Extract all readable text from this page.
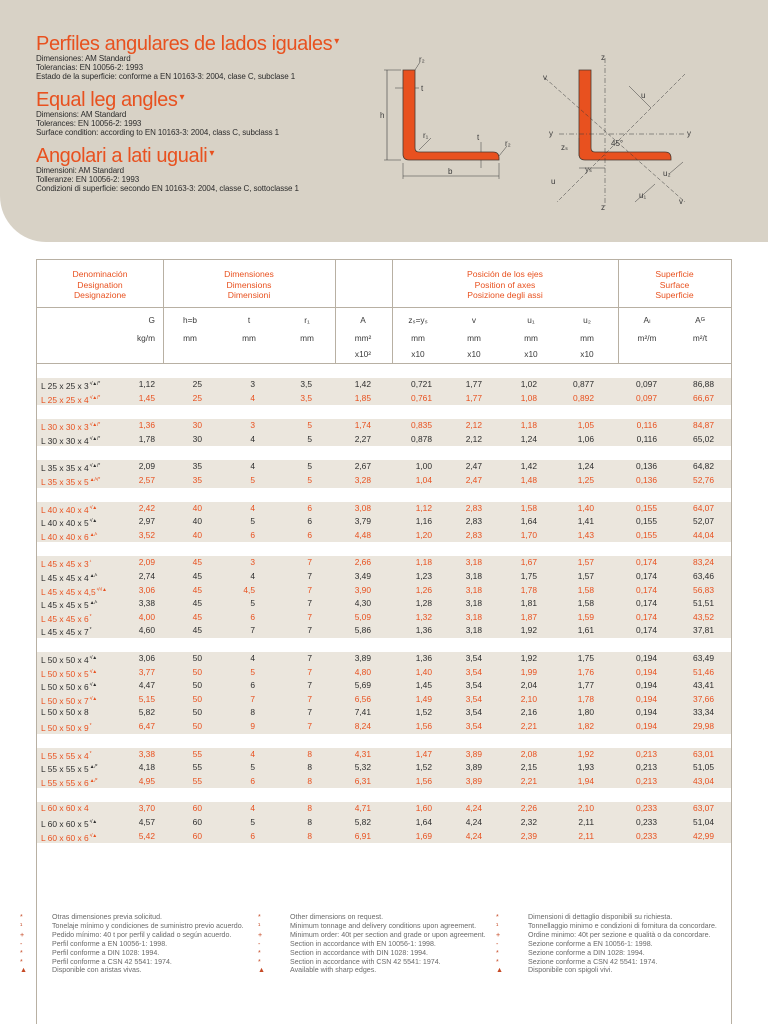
Perfiles angulares de lados iguales ▾
Dimensiones: AM Standard
Tolerancias: EN 10056-2: 1993
Estado de la superficie: conforme a EN 10163-3: 2004, clase C, subclase 1
Equal leg angles ▾
Dimensions: AM Standard
Tolerances: EN 10056-2: 1993
Surface condition: according to EN 10163-3: 2004, class C, subclass 1
Angolari a lati uguali ▾
Dimensioni: AM Standard
Tolleranze: EN 10056-2: 1993
Condizioni di superficie: secondo EN 10163-3: 2004, classe C, sottoclasse 1
r₂
t
h
r₁	t
r₂
b
v
u
z
y
zₛ
yₛ
45°
y
u
z
v
u₁
u₂
Denominación
Designation
Designazione
Dimensiones
Dimensions
Dimensioni
Posición de los ejes
Position of axes
Posizione degli assi
Superficie
Surface
Superficie
G	h=b	t	r₁	A	zₛ=yₛ	v	u₁	u₂	Aₗ	Aᴳ
kg/m	mm	mm	mm	mm²	mm	mm	mm	mm	m²/m	m²/t
x10²	x10	x10	x10	x10
L 25 x 25 x $3^{^1/▲/*}$	1,12	25	3	3,5	1,42	0,721	1,77	1,02	0,877	0,097	86,88
L 25 x 25 x $4^{^1/▲/*}$	1,45	25	4	3,5	1,85	0,761	1,77	1,08	0,892	0,097	66,67
L 30 x 30 x $3^{^1/▲/*}$	1,36	30	3	5	1,74	0,835	2,12	1,18	1,05	0,116	84,87
L 30 x 30 x $4^{^1/▲/*}$	1,78	30	4	5	2,27	0,878	2,12	1,24	1,06	0,116	65,02
L 35 x 35 x $4^{^1/▲/*}$	2,09	35	4	5	2,67	1,00	2,47	1,42	1,24	0,136	64,82
L 35 x 35 x $5^{▲/^1/*}$	2,57	35	5	5	3,28	1,04	2,47	1,48	1,25	0,136	52,76
L 40 x 40 x $4^{^1/▲}$	2,42	40	4	6	3,08	1,12	2,83	1,58	1,40	0,155	64,07
L 40 x 40 x $5^{^1/▲}$	2,97	40	5	6	3,79	1,16	2,83	1,64	1,41	0,155	52,07
L 40 x 40 x $6^{▲/^1}$	3,52	40	6	6	4,48	1,20	2,83	1,70	1,43	0,155	44,04
L 45 x 45 x $3^{^1}$	2,09	45	3	7	2,66	1,18	3,18	1,67	1,57	0,174	83,24
L 45 x 45 x $4^{▲/^1}$	2,74	45	4	7	3,49	1,23	3,18	1,75	1,57	0,174	63,46
L 45 x 45 x $4,5^{^1/^1/▲}$	3,06	45	4,5	7	3,90	1,26	3,18	1,78	1,58	0,174	56,83
L 45 x 45 x $5^{▲/^1}$	3,38	45	5	7	4,30	1,28	3,18	1,81	1,58	0,174	51,51
L 45 x 45 x 6*	4,00	45	6	7	5,09	1,32	3,18	1,87	1,59	0,174	43,52
L 45 x 45 x 7*	4,60	45	7	7	5,86	1,36	3,18	1,92	1,61	0,174	37,81
L 50 x 50 x $4^{^1/▲}$	3,06	50	4	7	3,89	1,36	3,54	1,92	1,75	0,194	63,49
L 50 x 50 x $5^{^1/▲}$	3,77	50	5	7	4,80	1,40	3,54	1,99	1,76	0,194	51,46
L 50 x 50 x $6^{^1/▲}$	4,47	50	6	7	5,69	1,45	3,54	2,04	1,77	0,194	43,41
L 50 x 50 x $7^{^1/▲}$	5,15	50	7	7	6,56	1,49	3,54	2,10	1,78	0,194	37,66
L 50 x 50 x 8	5,82	50	8	7	7,41	1,52	3,54	2,16	1,80	0,194	33,34
L 50 x 50 x 9*	6,47	50	9	7	8,24	1,56	3,54	2,21	1,82	0,194	29,98
L 55 x 55 x 4*	3,38	55	4	8	4,31	1,47	3,89	2,08	1,92	0,213	63,01
L 55 x 55 x 5▲/*	4,18	55	5	8	5,32	1,52	3,89	2,15	1,93	0,213	51,05
L 55 x 55 x 6▲/*	4,95	55	6	8	6,31	1,56	3,89	2,21	1,94	0,213	43,04
L 60 x 60 x 4	3,70	60	4	8	4,71	1,60	4,24	2,26	2,10	0,233	63,07
L 60 x 60 x $5^{^1/▲}$	4,57	60	5	8	5,82	1,64	4,24	2,32	2,11	0,233	51,04
L 60 x 60 x $6^{^1/▲}$	5,42	60	6	8	6,91	1,69	4,24	2,39	2,11	0,233	42,99
*	Otras dimensiones previa solicitud.
¹	Tonelaje mínimo y condiciones de suministro previo acuerdo.
+	Pedido mínimo: 40 t por perfil y calidad o según acuerdo.
-	Perfil conforme a EN 10056-1: 1998.
*	Perfil conforme a DIN 1028: 1994.
*	Perfil conforme a CSN 42 5541: 1974.
▲	Disponible con aristas vivas.
*	Other dimensions on request.
¹	Minimum tonnage and delivery conditions upon agreement.
+	Minimum order: 40t per section and grade or upon agreement.
-	Section in accordance with EN 10056-1: 1998.
*	Section in accordance with DIN 1028: 1994.
*	Section in accordance with CSN 42 5541: 1974.
▲	Available with sharp edges.
*	Dimensioni di dettaglio disponibili su richiesta.
¹	Tonnellaggio minimo e condizioni di fornitura da concordare.
+	Ordine minimo: 40t per sezione e qualità o da concordare.
-	Sezione conforme a EN 10056-1: 1998.
*	Sezione conforme a DIN 1028: 1994.
*	Sezione conforme a CSN 42 5541: 1974.
▲	Disponibile con spigoli vivi.
